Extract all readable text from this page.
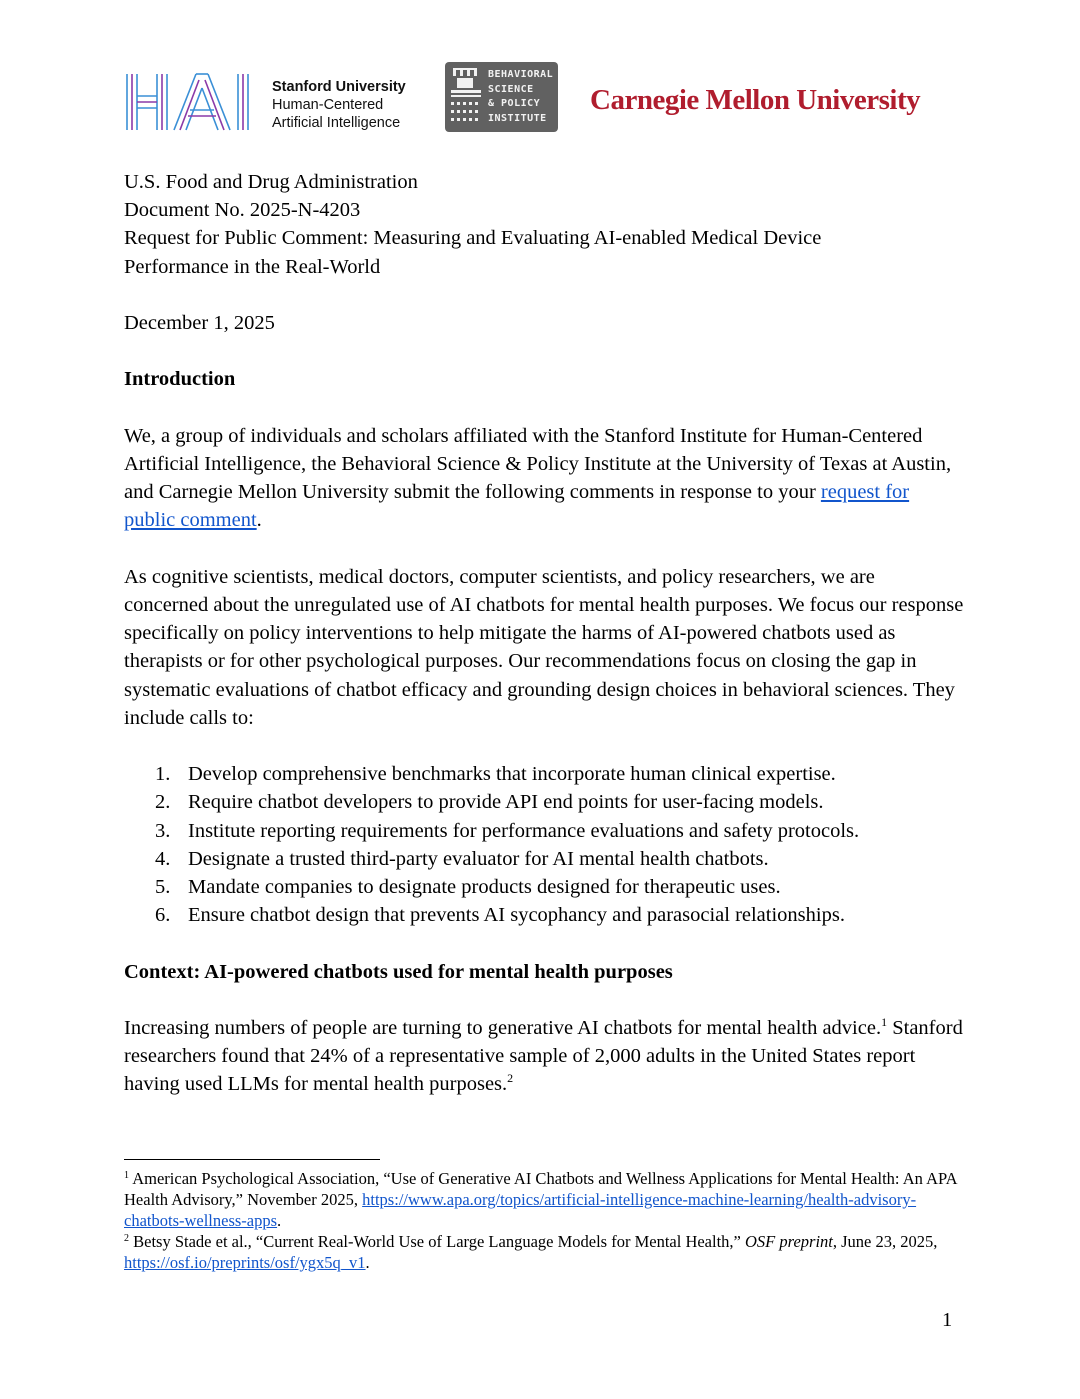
Stanford University
Human-Centered
Artificial Intelligence
BEHAVIORAL
SCIENCE
& POLICY
INSTITUTE
Carnegie Mellon University

U.S. Food and Drug Administration

Document No. 2025-N-4203

Request for Public Comment: Measuring and Evaluating AI-enabled Medical Device

Performance in the Real-World

December 1, 2025

Introduction

We, a group of individuals and scholars affiliated with the Stanford Institute for Human-Centered Artificial Intelligence, the Behavioral Science & Policy Institute at the University of Texas at Austin, and Carnegie Mellon University submit the following comments in response to your request for public comment.

As cognitive scientists, medical doctors, computer scientists, and policy researchers, we are concerned about the unregulated use of AI chatbots for mental health purposes. We focus our response specifically on policy interventions to help mitigate the harms of AI-powered chatbots used as therapists or for other psychological purposes. Our recommendations focus on closing the gap in systematic evaluations of chatbot efficacy and grounding design choices in behavioral sciences. They include calls to:

1. Develop comprehensive benchmarks that incorporate human clinical expertise.
2. Require chatbot developers to provide API end points for user-facing models.
3. Institute reporting requirements for performance evaluations and safety protocols.
4. Designate a trusted third-party evaluator for AI mental health chatbots.
5. Mandate companies to designate products designed for therapeutic uses.
6. Ensure chatbot design that prevents AI sycophancy and parasocial relationships.

Context: AI-powered chatbots used for mental health purposes

Increasing numbers of people are turning to generative AI chatbots for mental health advice.$^1$ Stanford researchers found that 24% of a representative sample of 2,000 adults in the United States report having used LLMs for mental health purposes.$^2$

$^1$ American Psychological Association, “Use of Generative AI Chatbots and Wellness Applications for Mental Health: An APA Health Advisory,” November 2025, https://www.apa.org/topics/artificial-intelligence-machine-learning/health-advisory-chatbots-wellness-apps.

$^2$ Betsy Stade et al., “Current Real-World Use of Large Language Models for Mental Health,” OSF preprint, June 23, 2025, https://osf.io/preprints/osf/ygx5q_v1.

1
